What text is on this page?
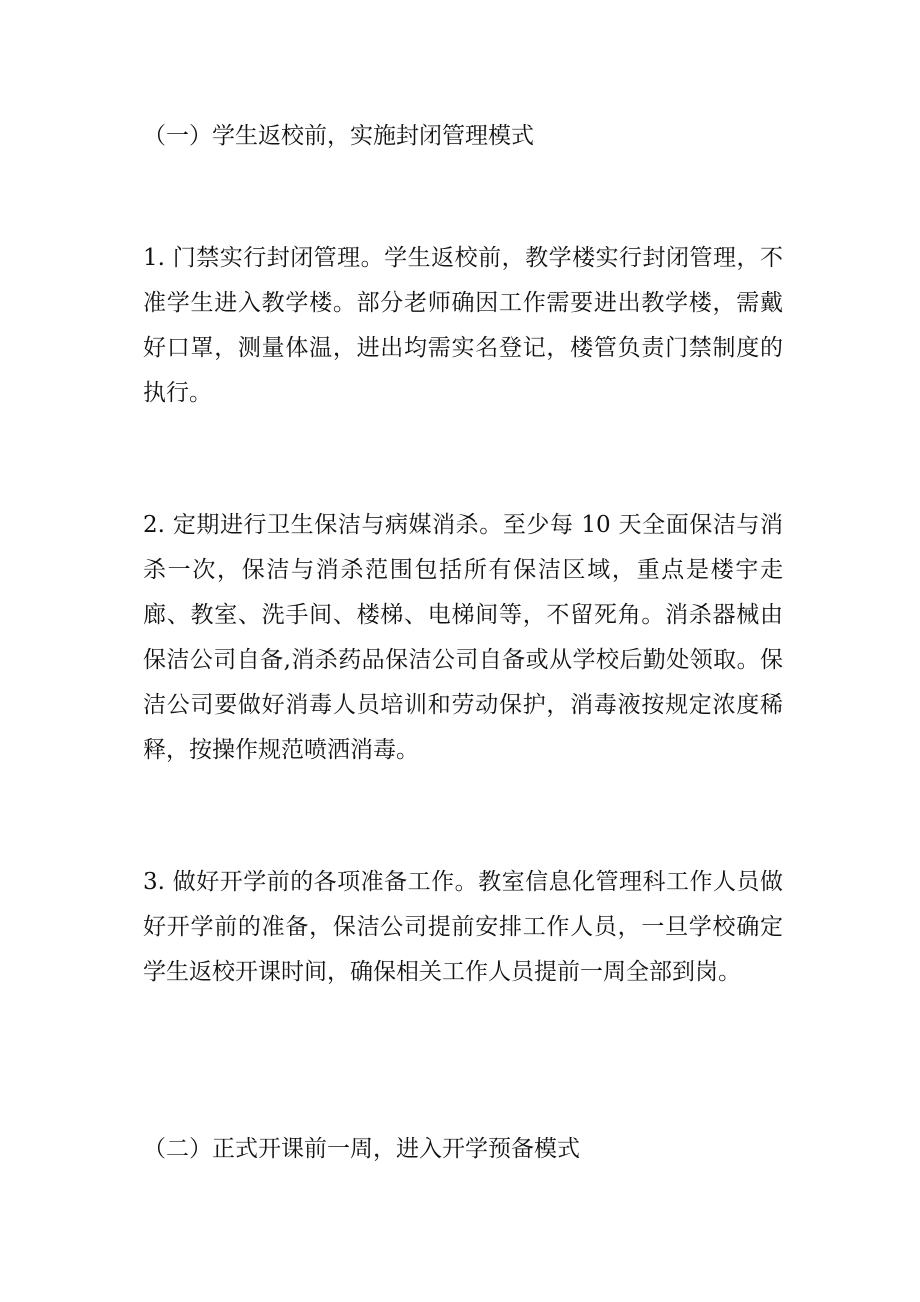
（一）学生返校前，实施封闭管理模式

1. 门禁实行封闭管理。学生返校前，教学楼实行封闭管理，不准学生进入教学楼。部分老师确因工作需要进出教学楼，需戴好口罩，测量体温，进出均需实名登记，楼管负责门禁制度的执行。

2. 定期进行卫生保洁与病媒消杀。至少每 10 天全面保洁与消杀一次，保洁与消杀范围包括所有保洁区域，重点是楼宇走廊、教室、洗手间、楼梯、电梯间等，不留死角。消杀器械由保洁公司自备,消杀药品保洁公司自备或从学校后勤处领取。保洁公司要做好消毒人员培训和劳动保护，消毒液按规定浓度稀释，按操作规范喷洒消毒。

3. 做好开学前的各项准备工作。教室信息化管理科工作人员做好开学前的准备，保洁公司提前安排工作人员，一旦学校确定学生返校开课时间，确保相关工作人员提前一周全部到岗。

（二）正式开课前一周，进入开学预备模式
